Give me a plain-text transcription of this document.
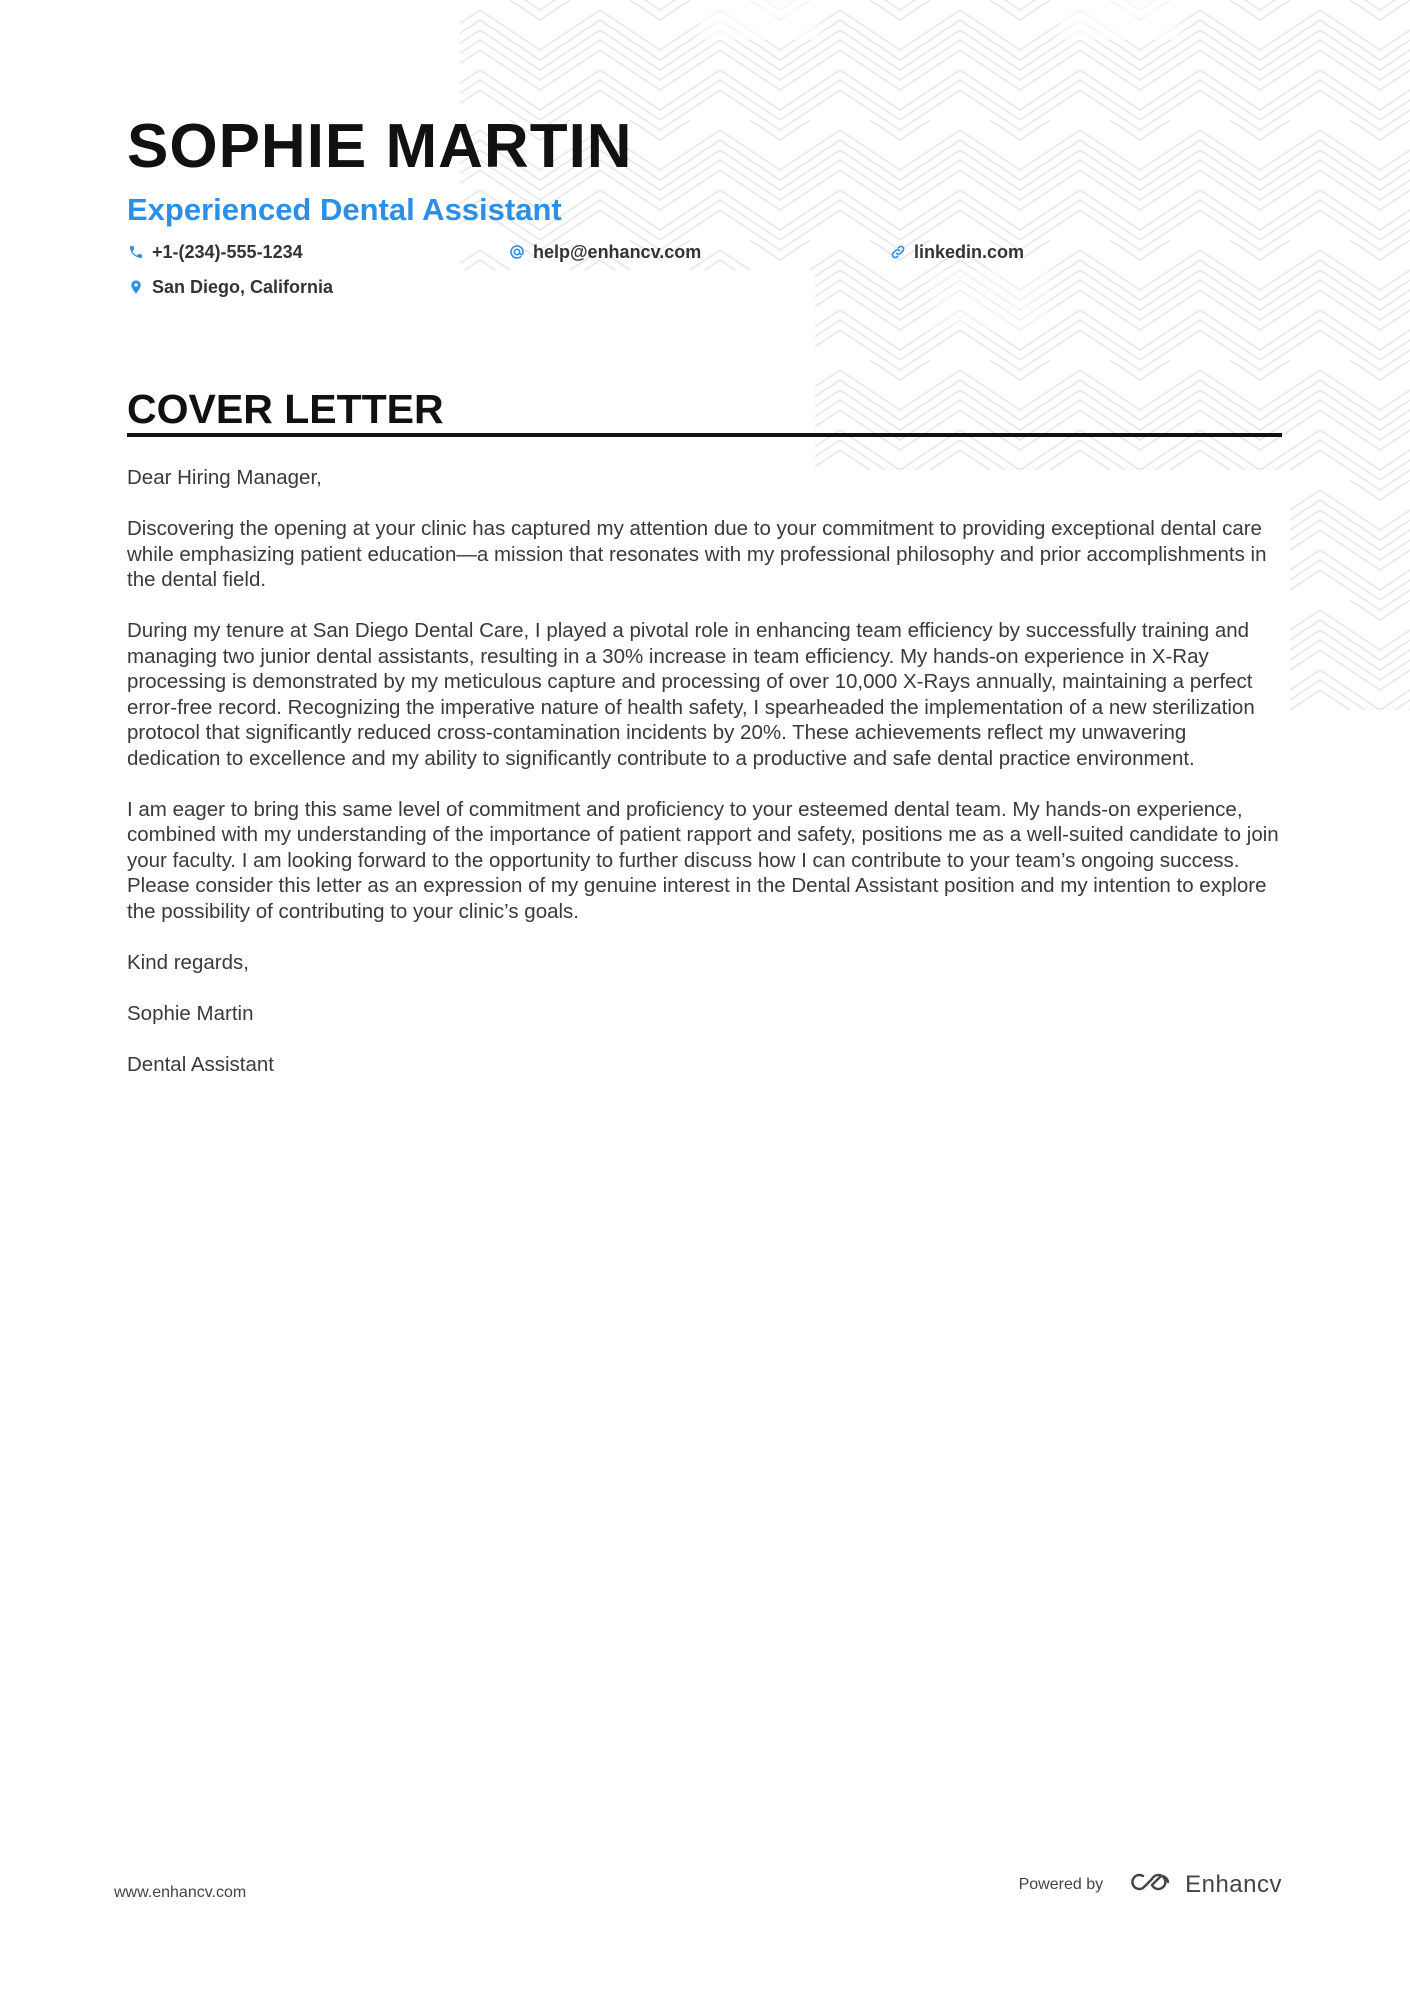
SOPHIE MARTIN
Experienced Dental Assistant
+1-(234)-555-1234	help@enhancv.com	linkedin.com
San Diego, California
COVER LETTER

Dear Hiring Manager,

Discovering the opening at your clinic has captured my attention due to your commitment to providing exceptional dental care while emphasizing patient education—a mission that resonates with my professional philosophy and prior accomplishments in the dental field.

During my tenure at San Diego Dental Care, I played a pivotal role in enhancing team efficiency by successfully training and managing two junior dental assistants, resulting in a 30% increase in team efficiency. My hands-on experience in X-Ray processing is demonstrated by my meticulous capture and processing of over 10,000 X-Rays annually, maintaining a perfect error-free record. Recognizing the imperative nature of health safety, I spearheaded the implementation of a new sterilization protocol that significantly reduced cross-contamination incidents by 20%. These achievements reflect my unwavering dedication to excellence and my ability to significantly contribute to a productive and safe dental practice environment.

I am eager to bring this same level of commitment and proficiency to your esteemed dental team. My hands-on experience, combined with my understanding of the importance of patient rapport and safety, positions me as a well-suited candidate to join your faculty. I am looking forward to the opportunity to further discuss how I can contribute to your team’s ongoing success. Please consider this letter as an expression of my genuine interest in the Dental Assistant position and my intention to explore the possibility of contributing to your clinic’s goals.

Kind regards,

Sophie Martin

Dental Assistant

www.enhancv.com	Powered by	Enhancv
